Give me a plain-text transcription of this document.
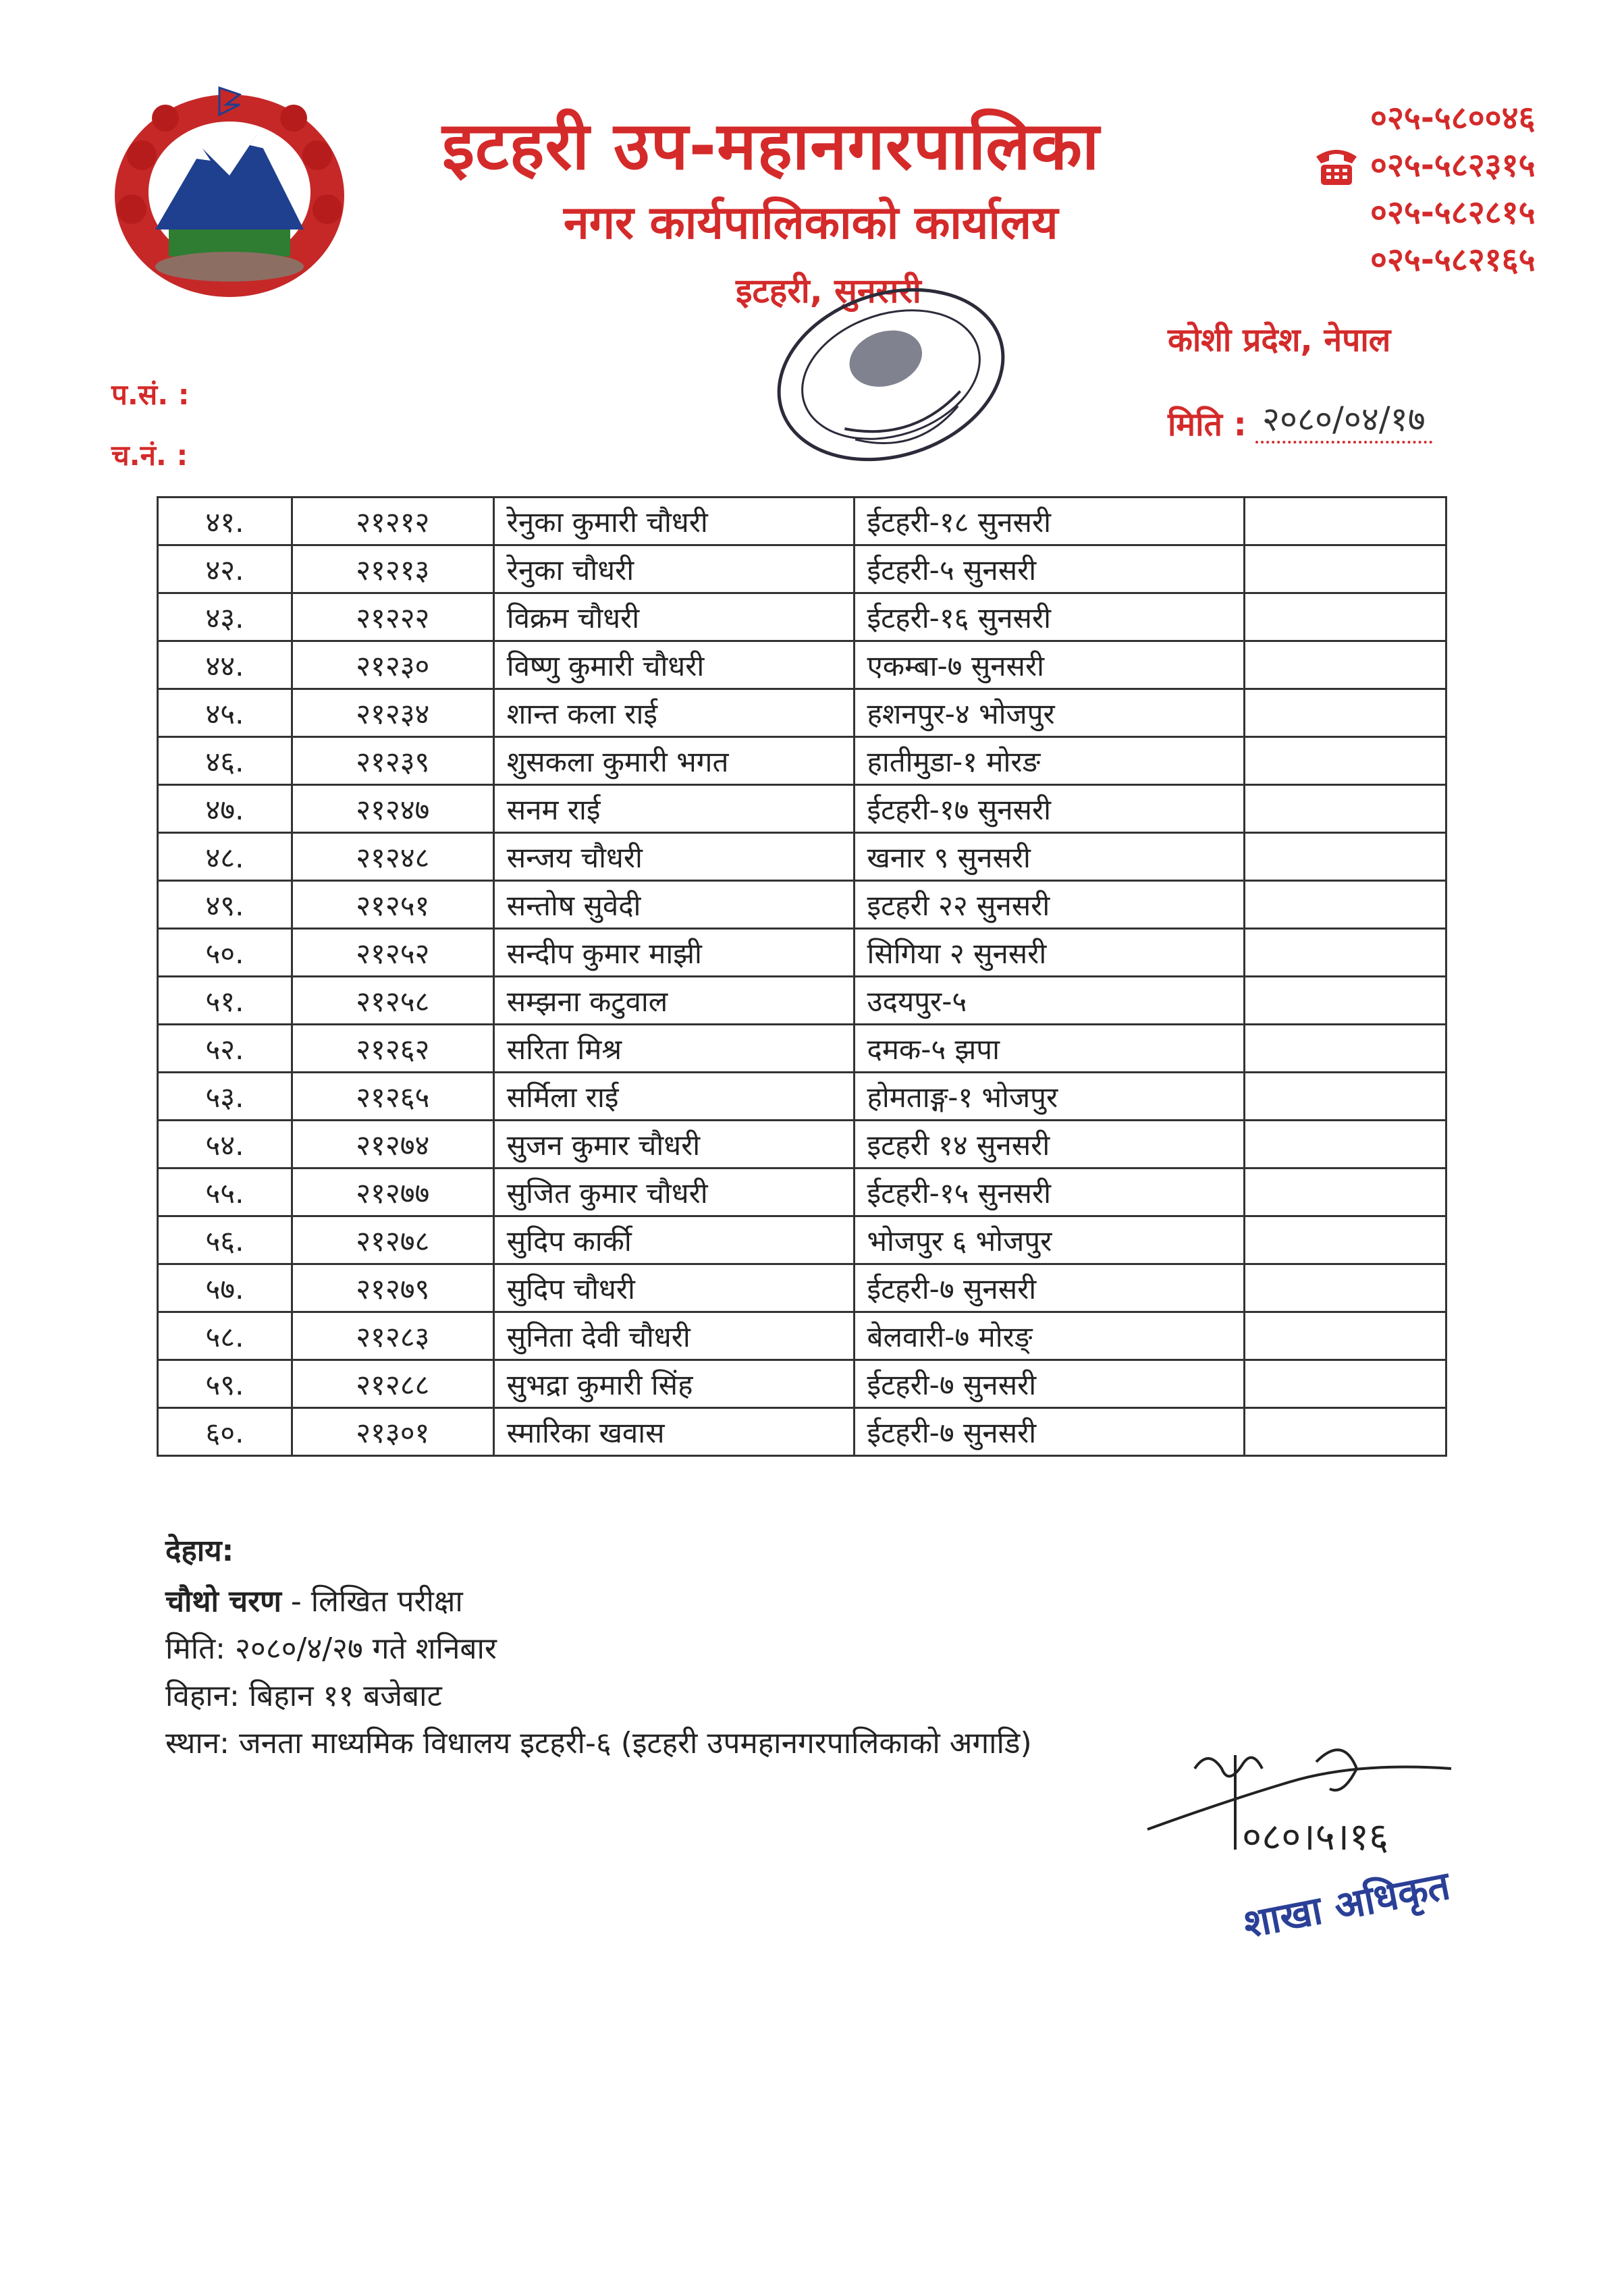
इटहरी उप-महानगरपालिका
नगर कार्यपालिकाको कार्यालय
इटहरी, सुनसरी
०२५-५८००४६
०२५-५८२३१५
०२५-५८२८१५
०२५-५८२१६५
कोशी प्रदेश, नेपाल
मिति : २०८०/०४/१७
प.सं. :
च.नं. :
४१.	२१२१२	रेनुका कुमारी चौधरी	ईटहरी-१८ सुनसरी	
४२.	२१२१३	रेनुका चौधरी	ईटहरी-५ सुनसरी	
४३.	२१२२२	विक्रम चौधरी	ईटहरी-१६ सुनसरी	
४४.	२१२३०	विष्णु कुमारी चौधरी	एकम्बा-७ सुनसरी	
४५.	२१२३४	शान्त कला राई	हशनपुर-४ भोजपुर	
४६.	२१२३९	शुसकला कुमारी भगत	हातीमुडा-१ मोरङ	
४७.	२१२४७	सनम राई	ईटहरी-१७ सुनसरी	
४८.	२१२४८	सन्जय चौधरी	खनार ९ सुनसरी	
४९.	२१२५१	सन्तोष सुवेदी	इटहरी २२ सुनसरी	
५०.	२१२५२	सन्दीप कुमार माझी	सिगिया २ सुनसरी	
५१.	२१२५८	सम्झना कटुवाल	उदयपुर-५	
५२.	२१२६२	सरिता मिश्र	दमक-५ झपा	
५३.	२१२६५	सर्मिला राई	होमताङ्ग-१ भोजपुर	
५४.	२१२७४	सुजन कुमार चौधरी	इटहरी १४ सुनसरी	
५५.	२१२७७	सुजित कुमार चौधरी	ईटहरी-१५ सुनसरी	
५६.	२१२७८	सुदिप कार्की	भोजपुर ६ भोजपुर	
५७.	२१२७९	सुदिप चौधरी	ईटहरी-७ सुनसरी	
५८.	२१२८३	सुनिता देवी चौधरी	बेलवारी-७ मोरङ्	
५९.	२१२८८	सुभद्रा कुमारी सिंह	ईटहरी-७ सुनसरी	
६०.	२१३०१	स्मारिका खवास	ईटहरी-७ सुनसरी	
देहाय:
चौथो चरण - लिखित परीक्षा
मिति: २०८०/४/२७ गते शनिबार
विहान: बिहान ११ बजेबाट
स्थान: जनता माध्यमिक विधालय इटहरी-६ (इटहरी उपमहानगरपालिकाको अगाडि)
०८०।५।१६
शाखा अधिकृत
